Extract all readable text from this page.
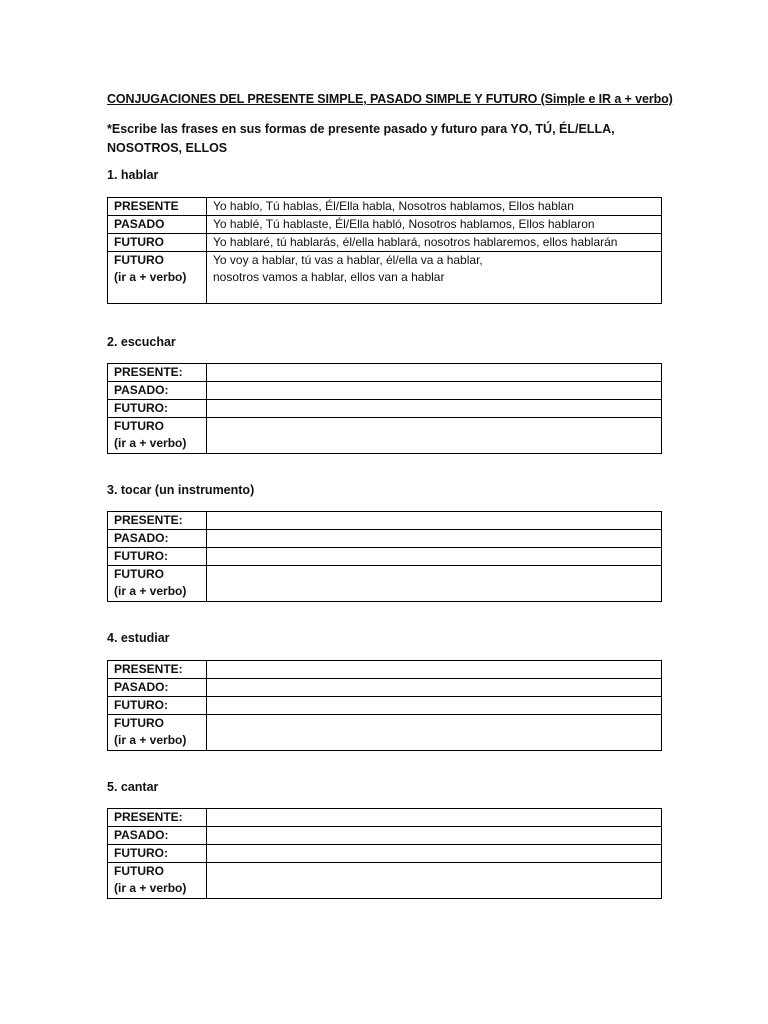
CONJUGACIONES DEL PRESENTE SIMPLE, PASADO SIMPLE Y FUTURO (Simple e IR a + verbo)
*Escribe las frases en sus formas de presente pasado y futuro para YO, TÚ, ÉL/ELLA, NOSOTROS, ELLOS
1. hablar
PRESENTE	Yo hablo, Tú hablas, Él/Ella habla, Nosotros hablamos, Ellos hablan
PASADO	Yo hablé, Tú hablaste, Él/Ella habló, Nosotros hablamos, Ellos hablaron
FUTURO	Yo hablaré, tú hablarás, él/ella hablará, nosotros hablaremos, ellos hablarán

FUTURO
(ir a + verbo)	Yo voy a hablar, tú vas a hablar, él/ella va a hablar,
nosotros vamos a hablar, ellos van a hablar
2. escuchar
PRESENTE:	
PASADO:	
FUTURO:	

FUTURO
(ir a + verbo)	

3. tocar (un instrumento)
PRESENTE:	
PASADO:	
FUTURO:	

FUTURO
(ir a + verbo)	

4. estudiar
PRESENTE:	
PASADO:	
FUTURO:	

FUTURO
(ir a + verbo)	

5. cantar
PRESENTE:	
PASADO:	
FUTURO:	

FUTURO
(ir a + verbo)	
